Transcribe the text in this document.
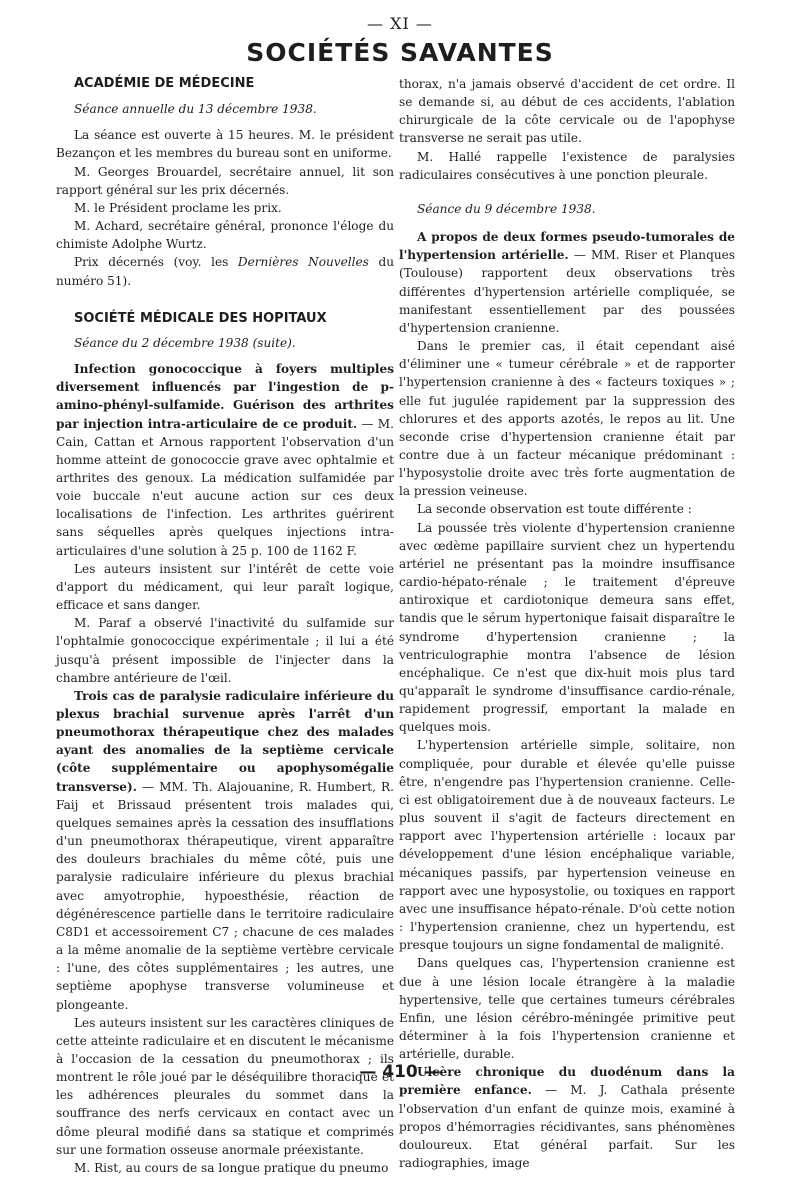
— XI —
SOCIÉTÉS SAVANTES

ACADÉMIE DE MÉDECINE

Séance annuelle du 13 décembre 1938.

La séance est ouverte à 15 heures. M. le président Bezançon et les membres du bureau sont en uniforme.

M. Georges Brouardel, secrétaire annuel, lit son rapport général sur les prix décernés.

M. le Président proclame les prix.

M. Achard, secrétaire général, prononce l'éloge du chimiste Adolphe Wurtz.

Prix décernés (voy. les Dernières Nouvelles du numéro 51).

SOCIÉTÉ MÉDICALE DES HOPITAUX

Séance du 2 décembre 1938 (suite).

Infection gonococcique à foyers multiples diversement influencés par l'ingestion de p-amino-phényl-sulfamide. Guérison des arthrites par injection intra-articulaire de ce produit. — M. Cain, Cattan et Arnous rapportent l'observation d'un homme atteint de gonococcie grave avec ophtalmie et arthrites des genoux. La médication sulfamidée par voie buccale n'eut aucune action sur ces deux localisations de l'infection. Les arthrites guérirent sans séquelles après quelques injections intra-articulaires d'une solution à 25 p. 100 de 1162 F.

Les auteurs insistent sur l'intérêt de cette voie d'apport du médicament, qui leur paraît logique, efficace et sans danger.

M. Paraf a observé l'inactivité du sulfamide sur l'ophtalmie gonococcique expérimentale ; il lui a été jusqu'à présent impossible de l'injecter dans la chambre antérieure de l'œil.

Trois cas de paralysie radiculaire inférieure du plexus brachial survenue après l'arrêt d'un pneumothorax thérapeutique chez des malades ayant des anomalies de la septième cervicale (côte supplémentaire ou apophysomégalie transverse). — MM. Th. Alajouanine, R. Humbert, R. Faij et Brissaud présentent trois malades qui, quelques semaines après la cessation des insufflations d'un pneumothorax thérapeutique, virent apparaître des douleurs brachiales du même côté, puis une paralysie radiculaire inférieure du plexus brachial avec amyotrophie, hypoesthésie, réaction de dégénérescence partielle dans le territoire radiculaire C8D1 et accessoirement C7 ; chacune de ces malades a la même anomalie de la septième vertèbre cervicale : l'une, des côtes supplémentaires ; les autres, une septième apophyse transverse volumineuse et plongeante.

Les auteurs insistent sur les caractères cliniques de cette atteinte radiculaire et en discutent le mécanisme à l'occasion de la cessation du pneumothorax ; ils montrent le rôle joué par le déséquilibre thoracique et les adhérences pleurales du sommet dans la souffrance des nerfs cervicaux en contact avec un dôme pleural modifié dans sa statique et comprimés sur une formation osseuse anormale préexistante.

M. Rist, au cours de sa longue pratique du pneumo

thorax, n'a jamais observé d'accident de cet ordre. Il se demande si, au début de ces accidents, l'ablation chirurgicale de la côte cervicale ou de l'apophyse transverse ne serait pas utile.

M. Hallé rappelle l'existence de paralysies radiculaires consécutives à une ponction pleurale.

Séance du 9 décembre 1938.

A propos de deux formes pseudo-tumorales de l'hypertension artérielle. — MM. Riser et Planques (Toulouse) rapportent deux observations très différentes d'hypertension artérielle compliquée, se manifestant essentiellement par des poussées d'hypertension cranienne.

Dans le premier cas, il était cependant aisé d'éliminer une « tumeur cérébrale » et de rapporter l'hypertension cranienne à des « facteurs toxiques » ; elle fut jugulée rapidement par la suppression des chlorures et des apports azotés, le repos au lit. Une seconde crise d'hypertension cranienne était par contre due à un facteur mécanique prédominant : l'hyposystolie droite avec très forte augmentation de la pression veineuse.

La seconde observation est toute différente :

La poussée très violente d'hypertension cranienne avec œdème papillaire survient chez un hypertendu artériel ne présentant pas la moindre insuffisance cardio-hépato-rénale ; le traitement d'épreuve antiroxique et cardiotonique demeura sans effet, tandis que le sérum hypertonique faisait disparaître le syndrome d'hypertension cranienne ; la ventriculographie montra l'absence de lésion encéphalique. Ce n'est que dix-huit mois plus tard qu'apparaît le syndrome d'insuffisance cardio-rénale, rapidement progressif, emportant la malade en quelques mois.

L'hypertension artérielle simple, solitaire, non compliquée, pour durable et élevée qu'elle puisse être, n'engendre pas l'hypertension cranienne. Celle-ci est obligatoirement due à de nouveaux facteurs. Le plus souvent il s'agit de facteurs directement en rapport avec l'hypertension artérielle : locaux par développement d'une lésion encéphalique variable, mécaniques passifs, par hypertension veineuse en rapport avec une hyposystolie, ou toxiques en rapport avec une insuffisance hépato-rénale. D'où cette notion : l'hypertension cranienne, chez un hypertendu, est presque toujours un signe fondamental de malignité.

Dans quelques cas, l'hypertension cranienne est due à une lésion locale étrangère à la maladie hypertensive, telle que certaines tumeurs cérébrales Enfin, une lésion cérébro-méningée primitive peut déterminer à la fois l'hypertension cranienne et artérielle, durable.

Ulcère chronique du duodénum dans la première enfance. — M. J. Cathala présente l'observation d'un enfant de quinze mois, examiné à propos d'hémorragies récidivantes, sans phénomènes douloureux. Etat général parfait. Sur les radiographies, image

— 410 —
